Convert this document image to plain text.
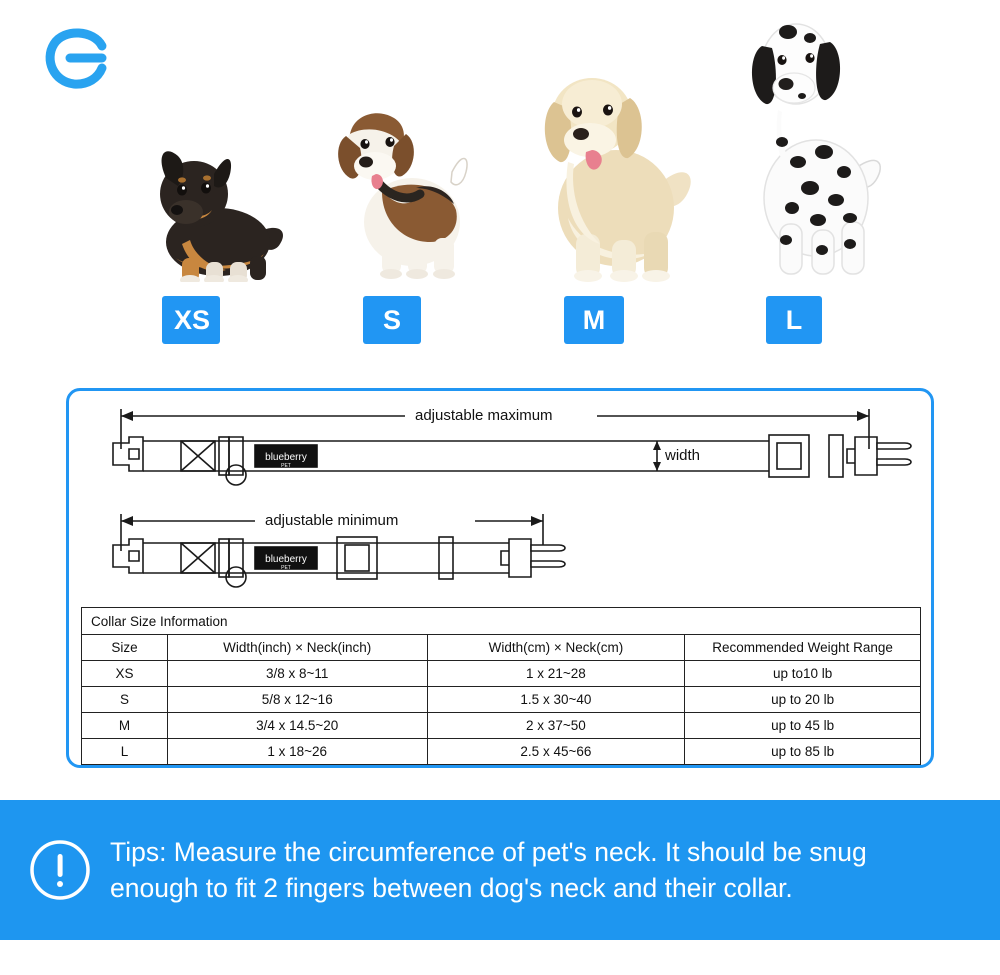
XS	S	M	L
blueberry
PET
blueberry
PET
adjustable maximum
adjustable minimum
width
Collar Size Information			
Size	Width(inch) × Neck(inch)	Width(cm) × Neck(cm)	Recommended Weight Range
XS	3/8 x 8~11	1 x 21~28	up to10 lb
S	5/8 x 12~16	1.5 x 30~40	up to 20 lb
M	3/4 x 14.5~20	2 x 37~50	up to 45 lb
L	1 x 18~26	2.5 x 45~66	up to 85 lb
Tips: Measure the circumference of pet's neck. It should be snug
enough to fit 2 fingers between dog's neck and their collar.
